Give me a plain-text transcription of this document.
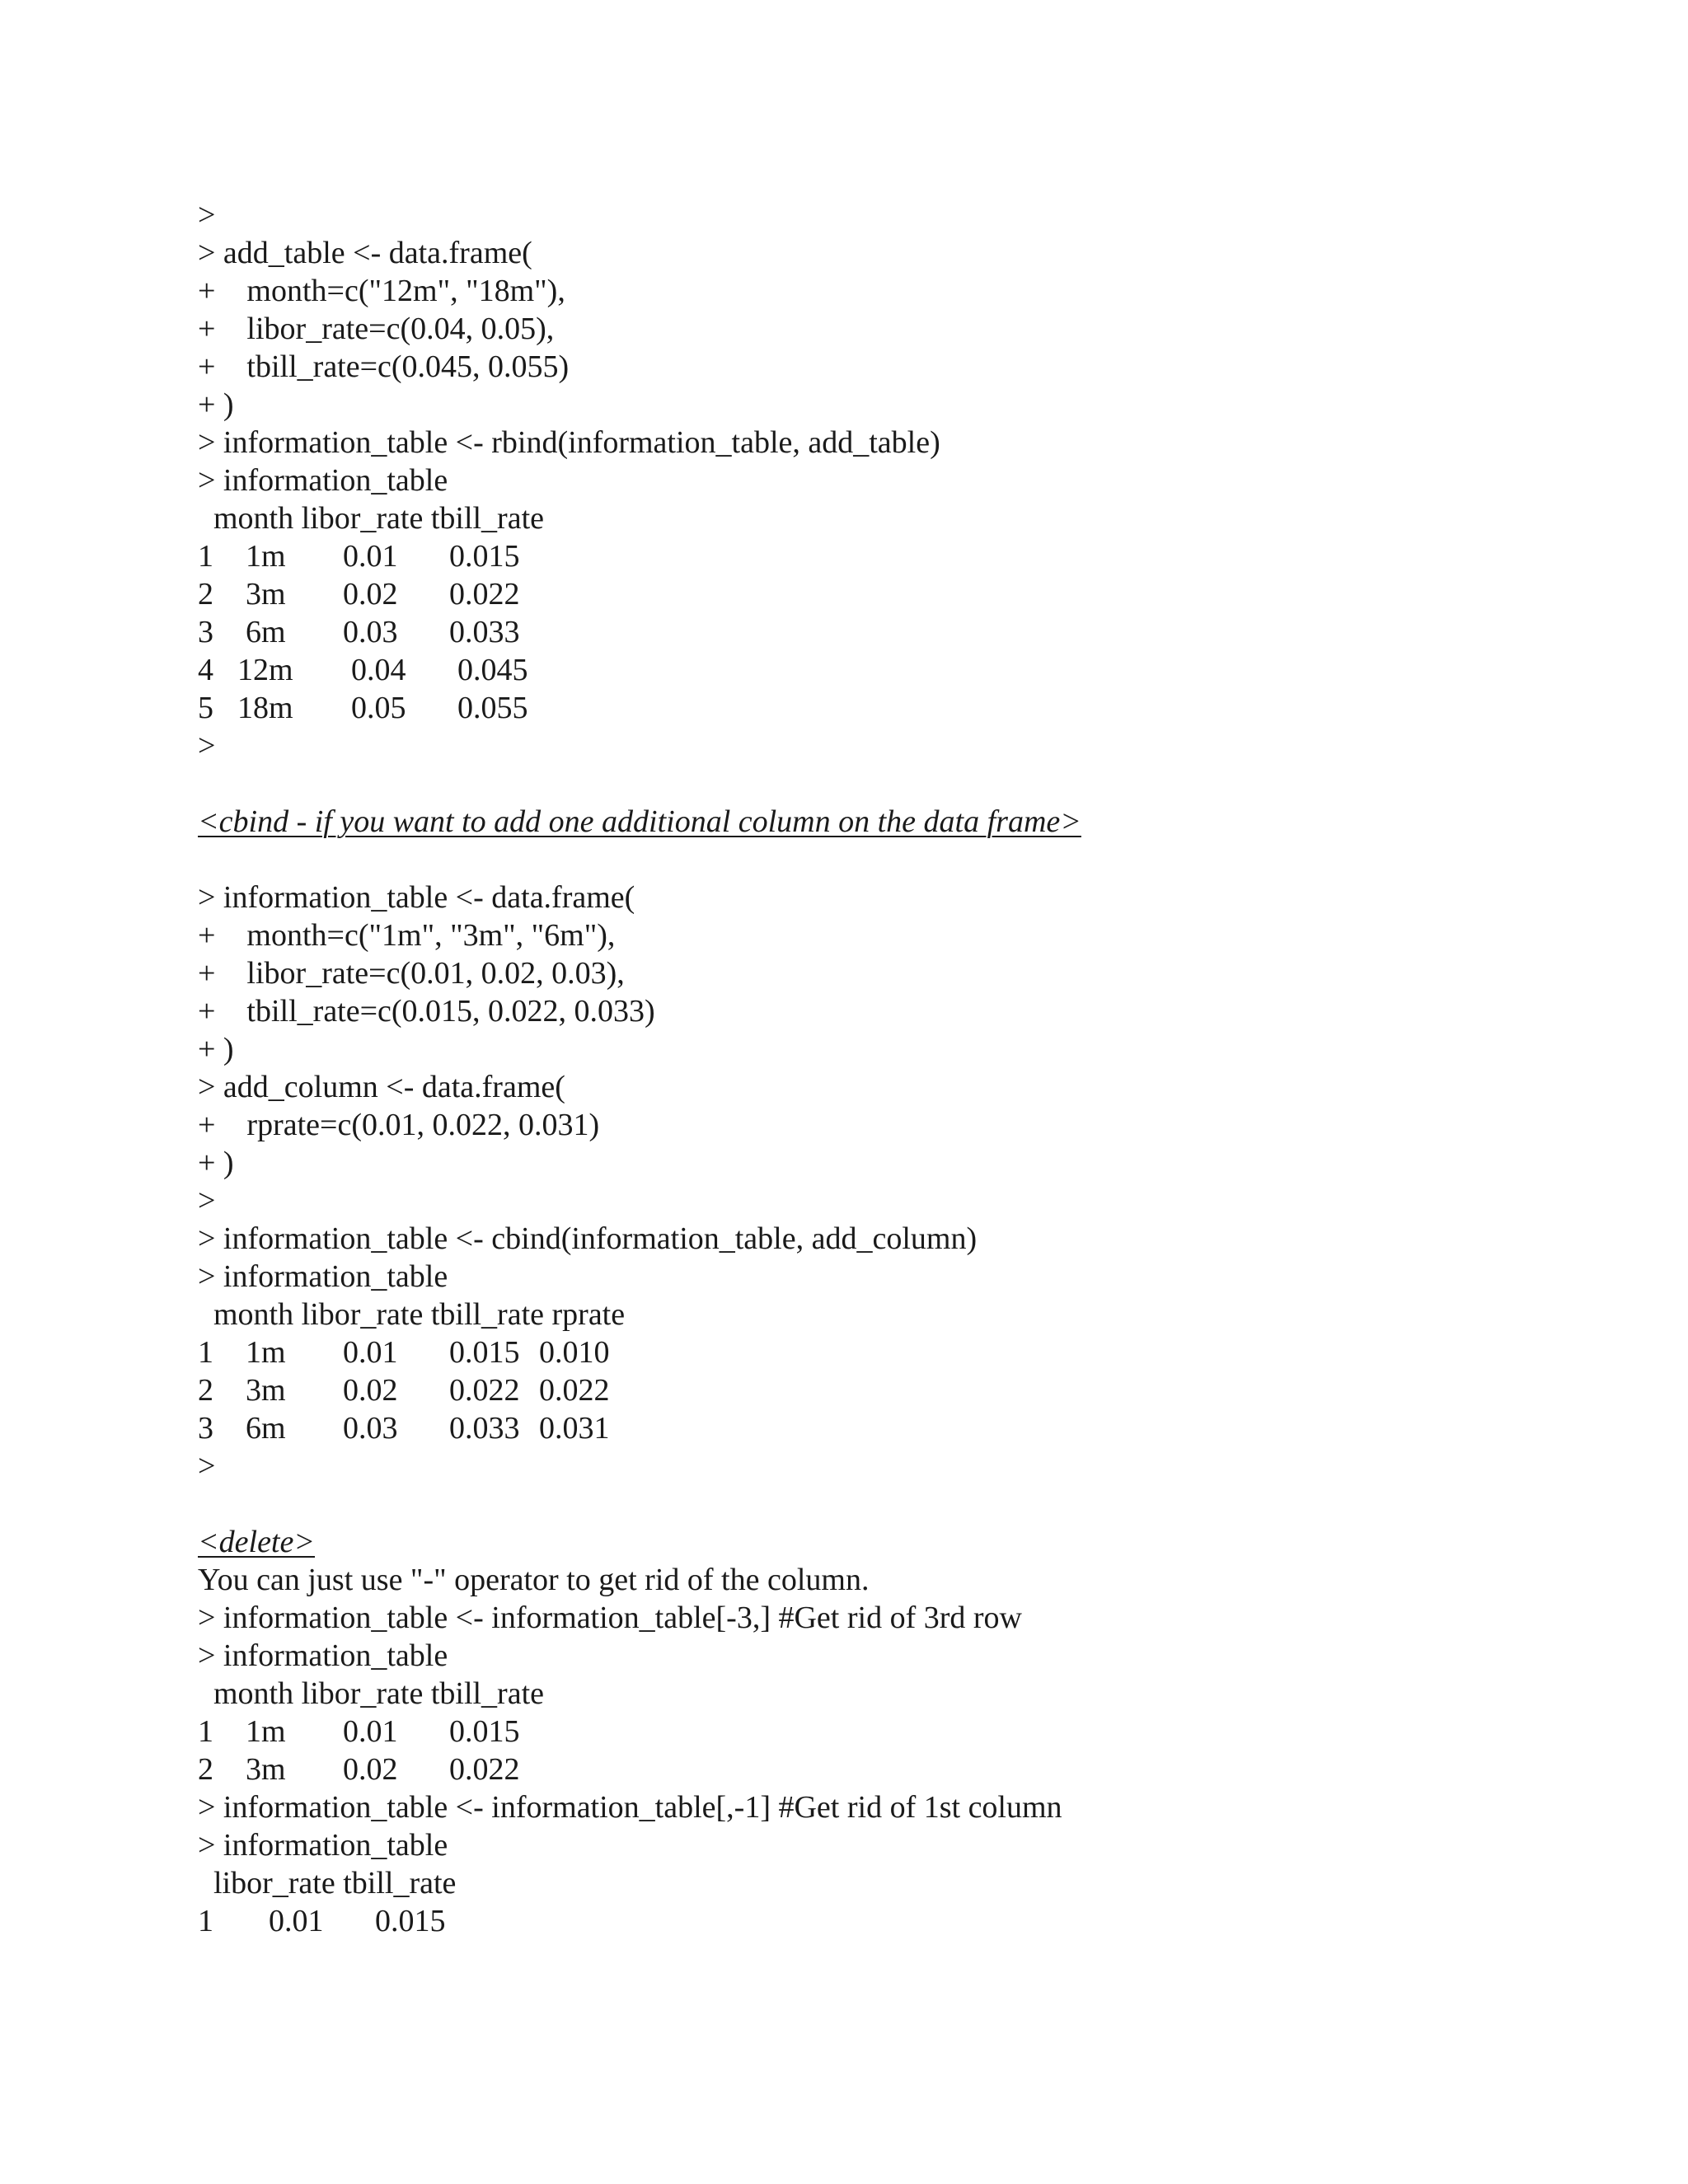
>
> add_table <- data.frame(
+    month=c("12m", "18m"),
+    libor_rate=c(0.04, 0.05),
+    tbill_rate=c(0.045, 0.055)
+ )
> information_table <- rbind(information_table, add_table)
> information_table
month libor_rate tbill_rate

1

1m

0.01

0.015

2

3m

0.02

0.022

3

6m

0.03

0.033

4

12m

0.04

0.045

5

18m

0.05

0.055

>
<cbind - if you want to add one additional column on the data frame>
> information_table <- data.frame(
+    month=c("1m", "3m", "6m"),
+    libor_rate=c(0.01, 0.02, 0.03),
+    tbill_rate=c(0.015, 0.022, 0.033)
+ )
> add_column <- data.frame(
+    rprate=c(0.01, 0.022, 0.031)
+ )
>
> information_table <- cbind(information_table, add_column)
> information_table
month libor_rate tbill_rate rprate

1

1m

0.01

0.015

0.010

2

3m

0.02

0.022

0.022

3

6m

0.03

0.033

0.031

>
<delete>
You can just use "-" operator to get rid of the column.
> information_table <- information_table[-3,] #Get rid of 3rd row
> information_table
month libor_rate tbill_rate

1

1m

0.01

0.015

2

3m

0.02

0.022

> information_table <- information_table[,-1] #Get rid of 1st column
> information_table
libor_rate tbill_rate

1

0.01

0.015
